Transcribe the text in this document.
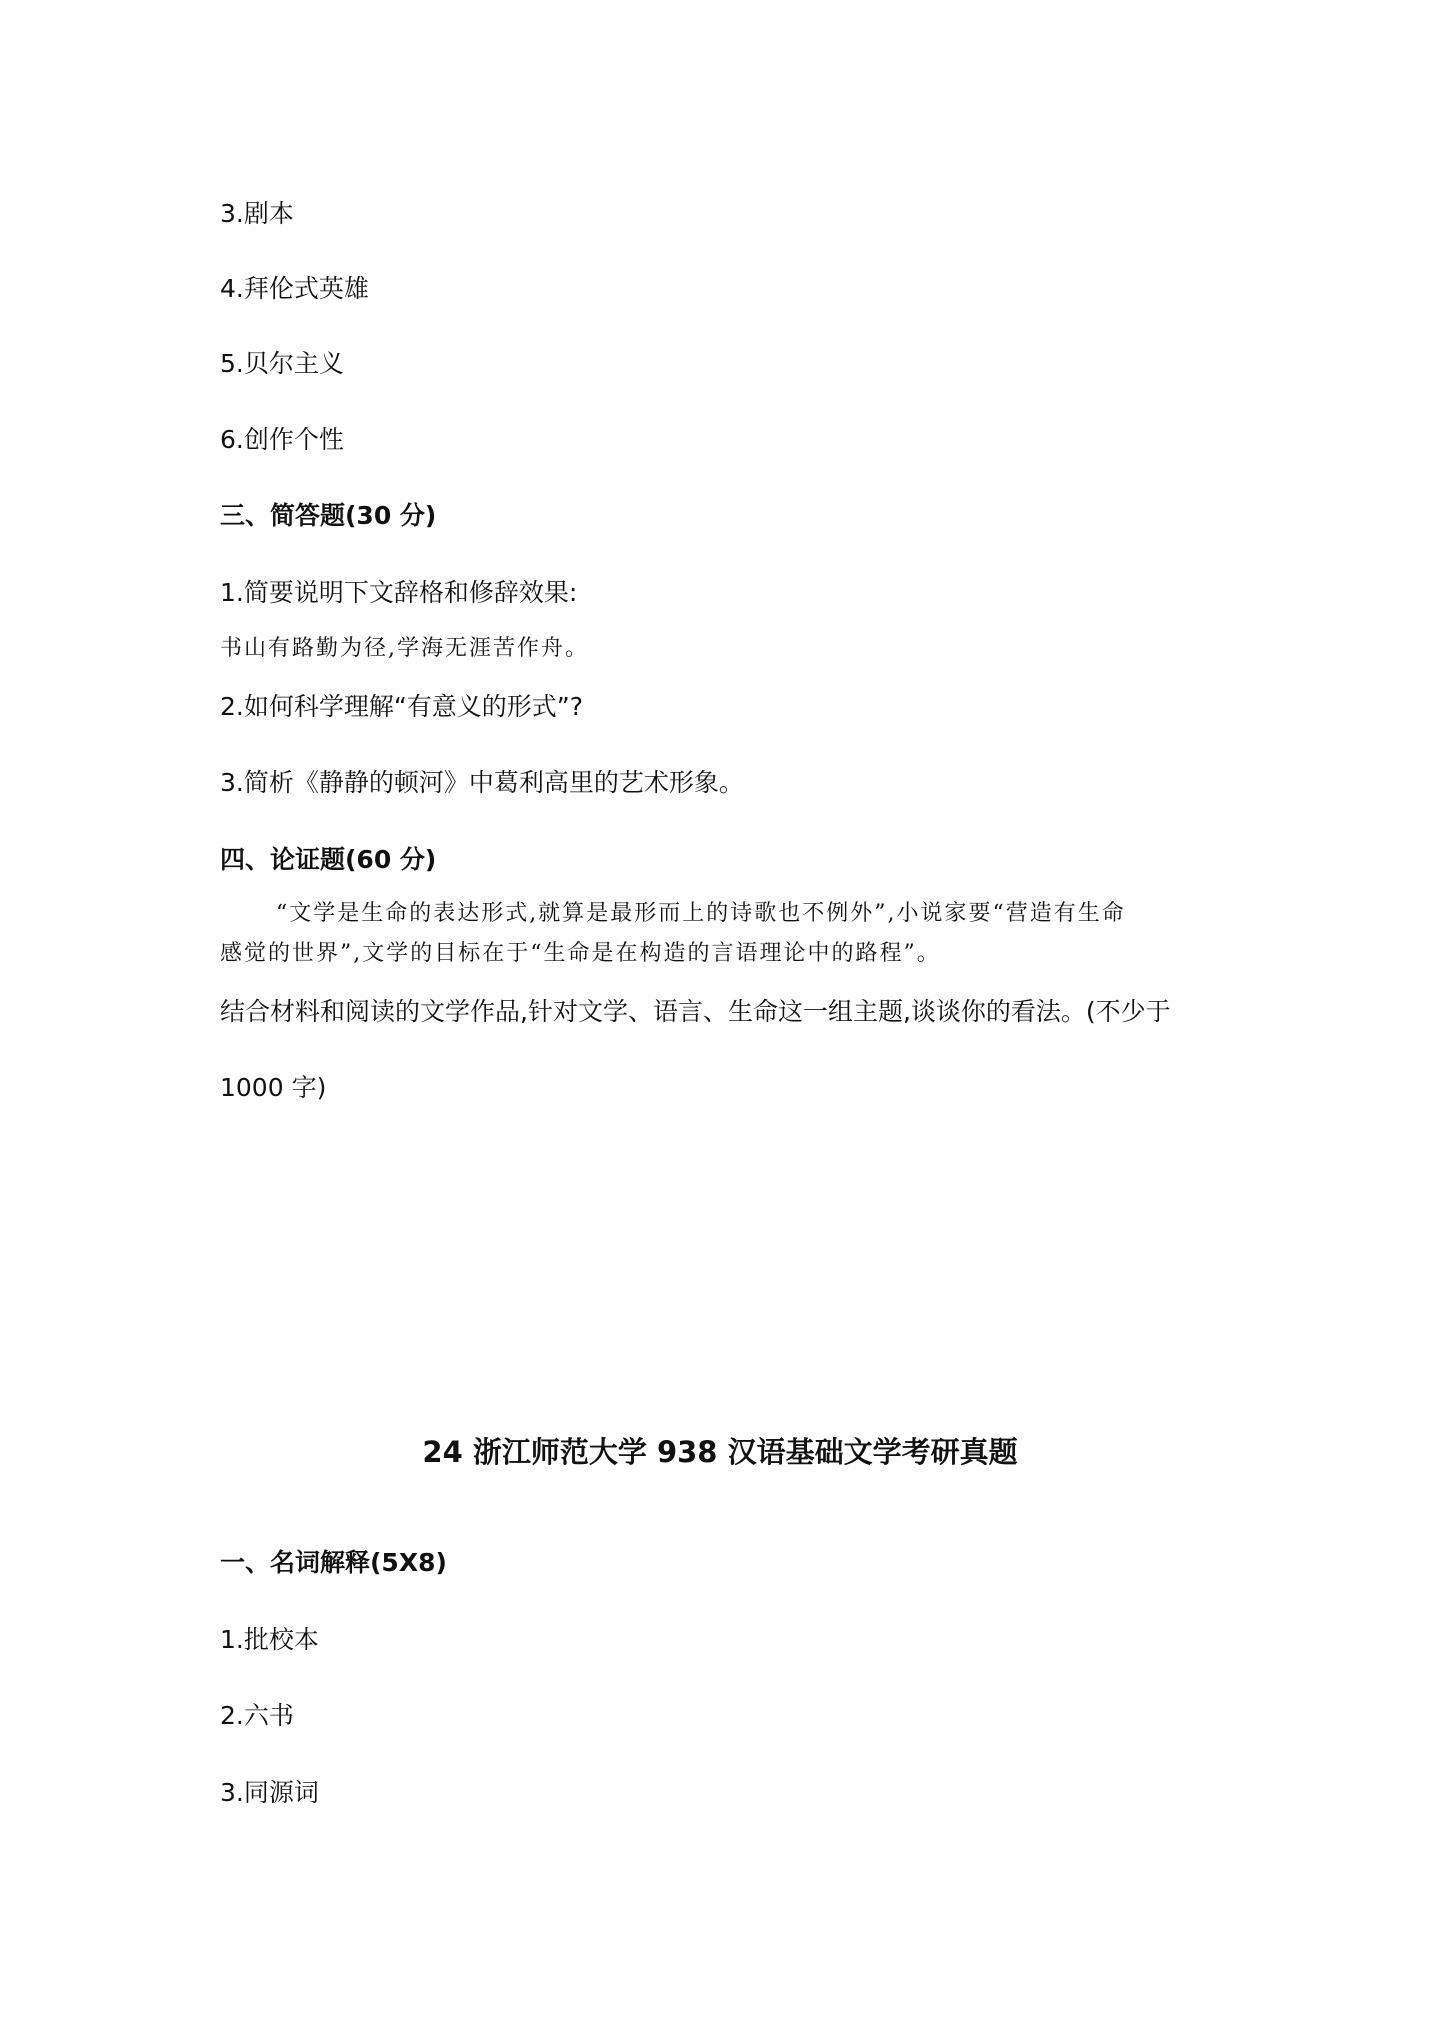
3.剧本
4.拜伦式英雄
5.贝尔主义
6.创作个性
三、简答题(30 分)
1.简要说明下文辞格和修辞效果:
书山有路勤为径,学海无涯苦作舟。
2.如何科学理解“有意义的形式”?
3.简析《静静的顿河》中葛利高里的艺术形象。
四、论证题(60 分)
“文学是生命的表达形式,就算是最形而上的诗歌也不例外”,小说家要“营造有生命
感觉的世界”,文学的目标在于“生命是在构造的言语理论中的路程”。
结合材料和阅读的文学作品,针对文学、语言、生命这一组主题,谈谈你的看法。(不少于
1000 字)
24 浙江师范大学 938 汉语基础文学考研真题
一、名词解释(5X8)
1.批校本
2.六书
3.同源词
